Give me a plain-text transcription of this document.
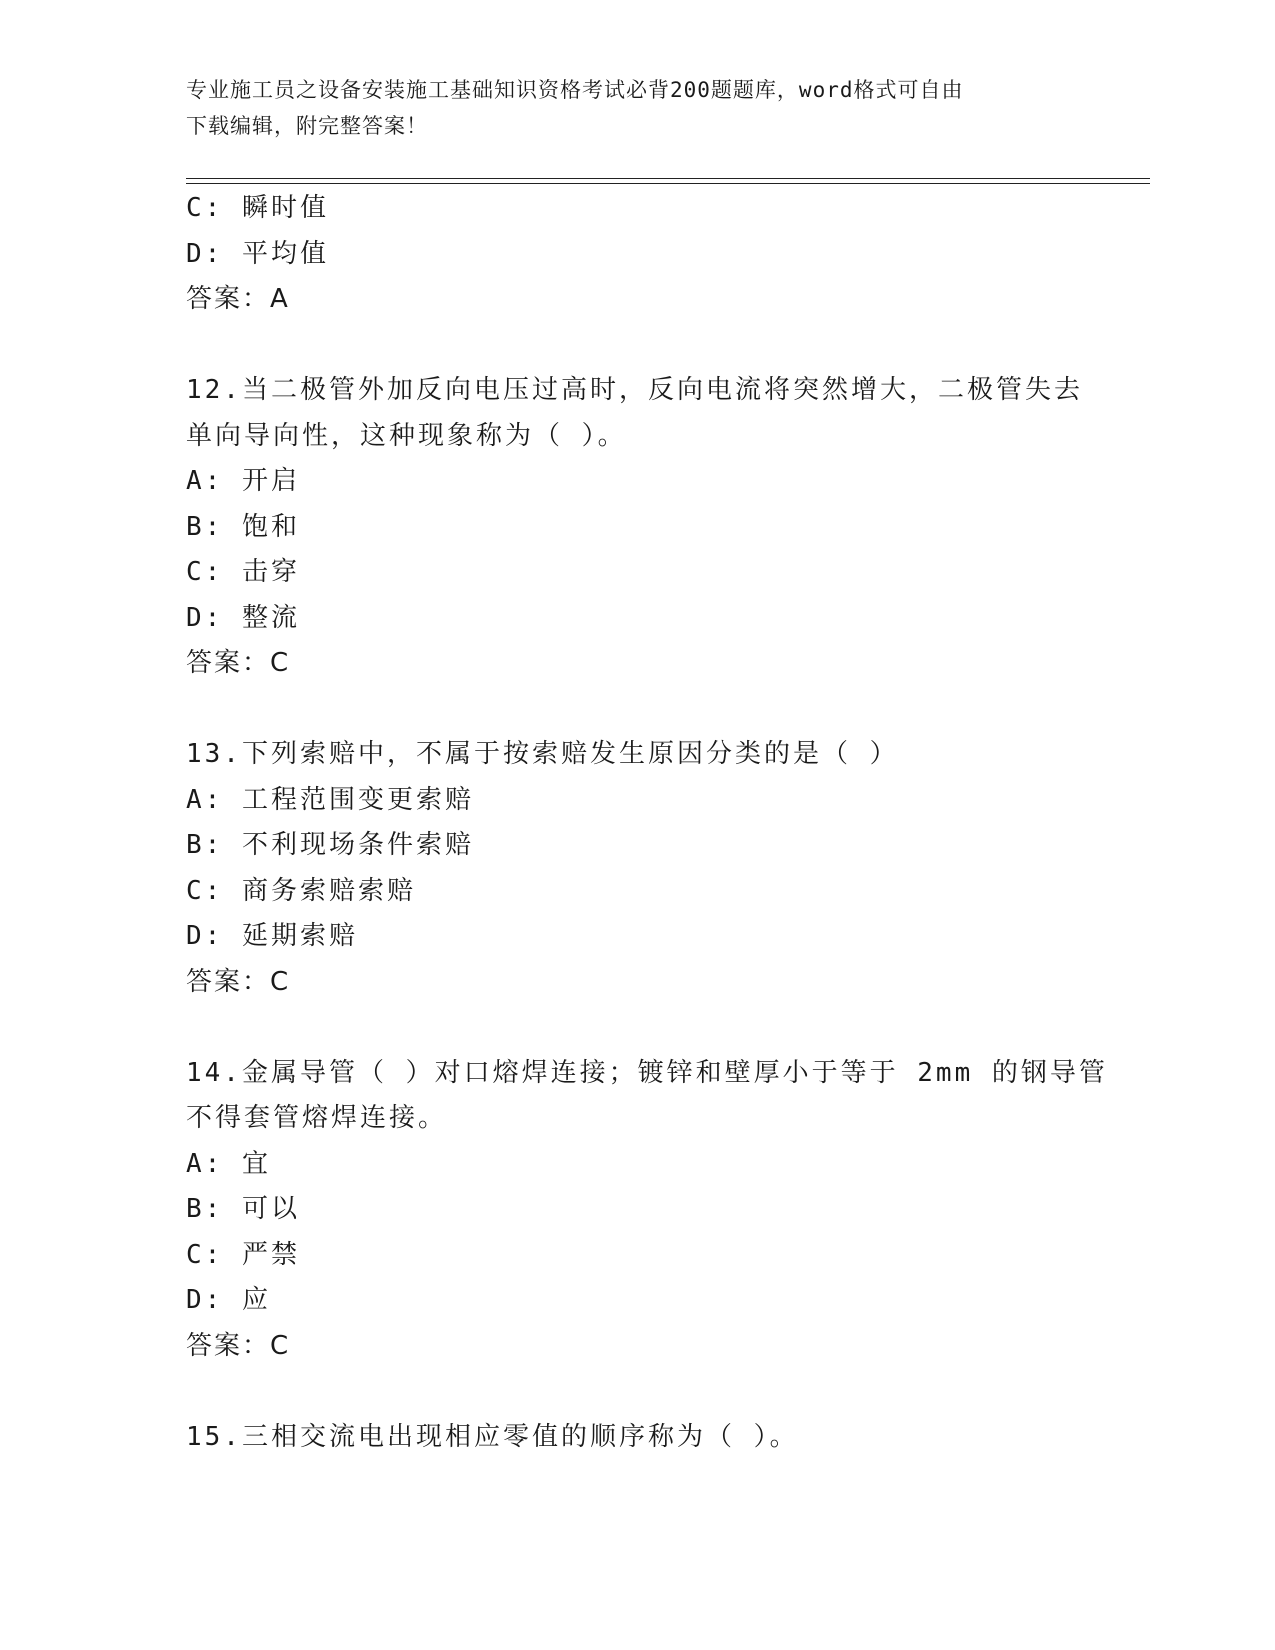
专业施工员之设备安装施工基础知识资格考试必背200题题库，word格式可自由
下载编辑，附完整答案！
C: 瞬时值
D: 平均值
答案：A
12.当二极管外加反向电压过高时，反向电流将突然增大，二极管失去
单向导向性，这种现象称为（ ）。
A: 开启
B: 饱和
C: 击穿
D: 整流
答案：C
13.下列索赔中，不属于按索赔发生原因分类的是（ ）
A: 工程范围变更索赔
B: 不利现场条件索赔
C: 商务索赔索赔
D: 延期索赔
答案：C
14.金属导管（ ）对口熔焊连接；镀锌和壁厚小于等于 2mm 的钢导管
不得套管熔焊连接。
A: 宜
B: 可以
C: 严禁
D: 应
答案：C
15.三相交流电出现相应零值的顺序称为（ ）。
